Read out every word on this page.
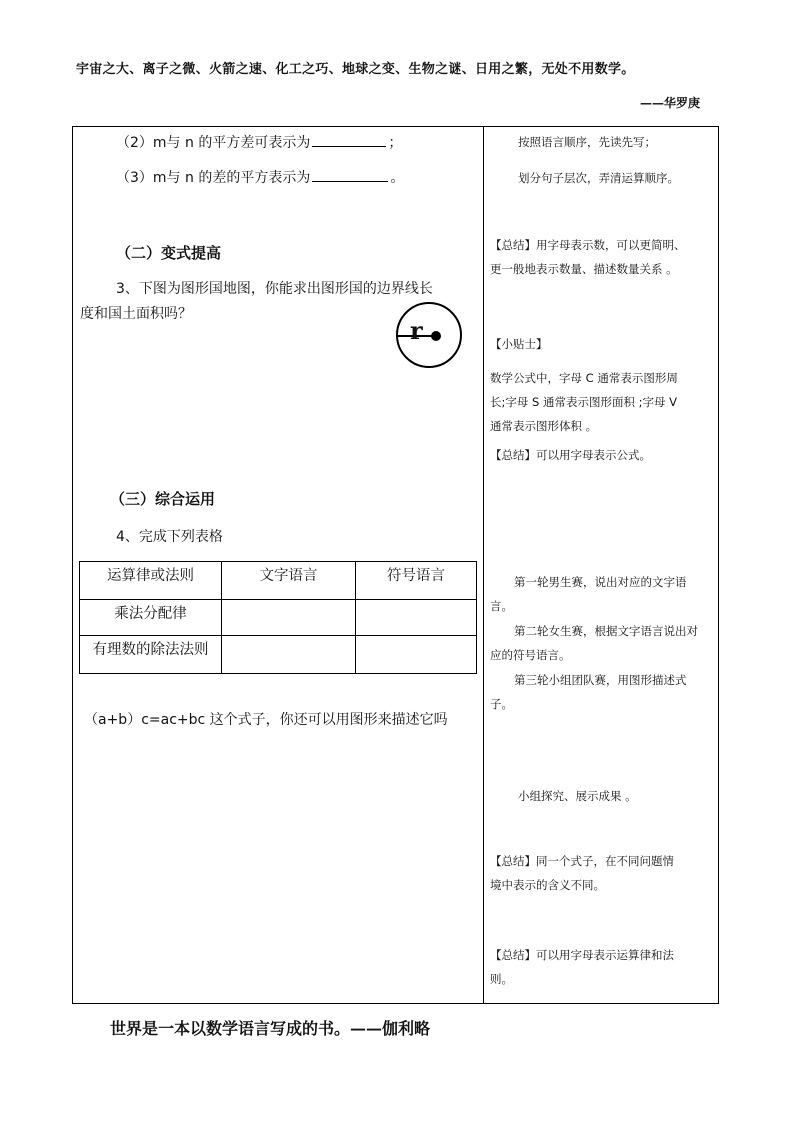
宇宙之大、离子之微、火箭之速、化工之巧、地球之变、生物之谜、日用之繁，无处不用数学。
——华罗庚
（2）m与 n 的平方差可表示为	；
（3）m与 n 的差的平方表示为	。
（二）变式提高
3、下图为图形国地图，你能求出图形国的边界线长
度和国土面积吗？
r
（三）综合运用
4、完成下列表格
运算律或法则	文字语言	符号语言
乘法分配律		
有理数的除法法则		
（a+b）c=ac+bc 这个式子，你还可以用图形来描述它吗
按照语言顺序，先读先写；
划分句子层次，弄清运算顺序。
【总结】用字母表示数，可以更简明、
更一般地表示数量、描述数量关系 。
【小贴士】
数学公式中，字母 C 通常表示图形周
长;字母 S 通常表示图形面积 ;字母 V
通常表示图形体积 。
【总结】可以用字母表示公式。
第一轮男生赛，说出对应的文字语
言。
第二轮女生赛，根据文字语言说出对
应的符号语言。
第三轮小组团队赛，用图形描述式
子。
小组探究、展示成果 。
【总结】同一个式子，在不同问题情
境中表示的含义不同。
【总结】可以用字母表示运算律和法
则。
世界是一本以数学语言写成的书。——伽利略
